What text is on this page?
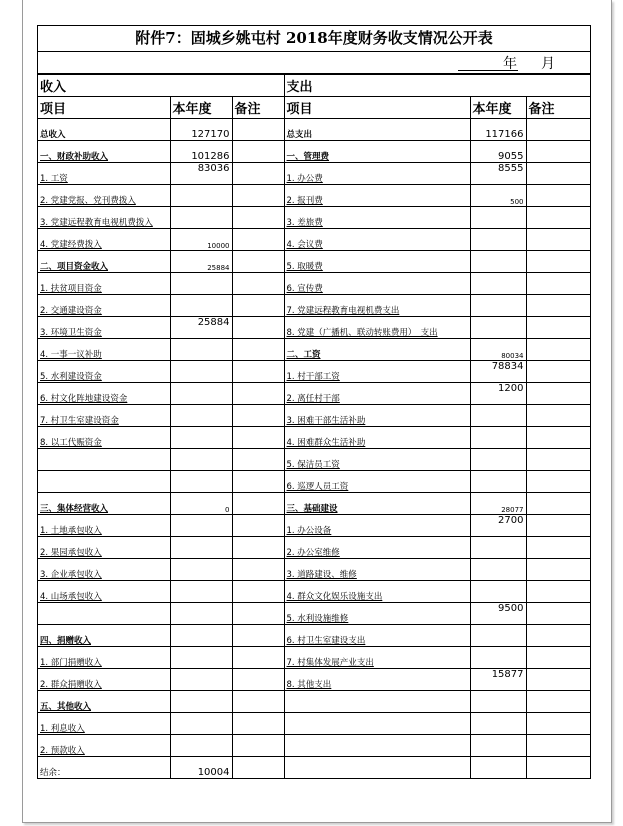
附件7：固城乡姚屯村 2018年度财务收支情况公开表
年 月
收入			支出		
项目	本年度	备注	项目	本年度	备注
总收入	127170		总支出	117166	
一、财政补助收入	101286		一、管理费	9055	
1. 工资	83036		1. 办公费	8555	
2. 党建党报、党刊费拨入			2. 报刊费	500	
3. 党建远程教育电视机费拨入			3. 差旅费		
4. 党建经费拨入	10000		4. 会议费		
二、项目资金收入	25884		5. 取暖费		
1. 扶贫项目资金			6. 宣传费		
2. 交通建设资金			7. 党建远程教育电视机费支出		
3. 环境卫生资金	25884		8. 党建（广播机、联动转账费用）　支出		
4. 一事一议补助			二、工资	80034	
5. 水利建设资金			1. 村干部工资	78834	
6. 村文化阵地建设资金			2. 离任村干部	1200	
7. 村卫生室建设资金			3. 困难干部生活补助		
8. 以工代赈资金			4. 困难群众生活补助		
			5. 保洁员工资		
			6. 巡逻人员工资		
三、集体经营收入	0		三、基础建设	28077	
1. 土地承包收入			1. 办公设备	2700	
2. 果园承包收入			2. 办公室维修		
3. 企业承包收入			3. 道路建设、维修		
4. 山场承包收入			4. 群众文化娱乐设施支出		
			5. 水利设施维修	9500	
四、捐赠收入			6. 村卫生室建设支出		
1. 部门捐赠收入			7. 村集体发展产业支出		
2. 群众捐赠收入			8. 其他支出	15877	
五、其他收入					
1. 利息收入					
2. 预款收入					
结余：	10004				
